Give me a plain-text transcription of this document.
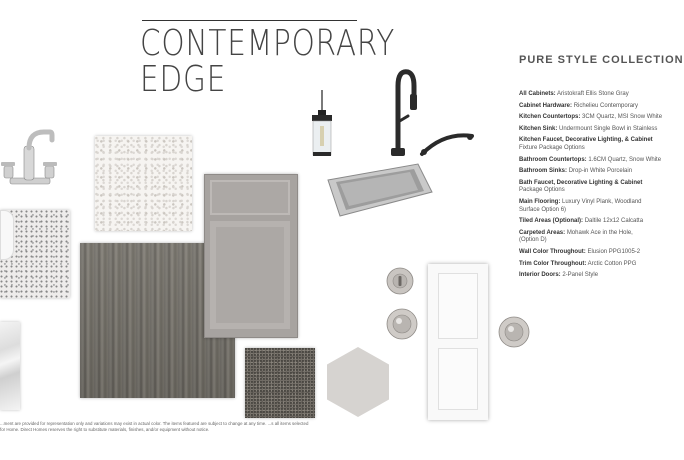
CONTEMPORARY
EDGE	PURE STYLE COLLECTION
All Cabinets: Aristokraft Ellis Stone Gray
Cabinet Hardware: Richelieu Contemporary
Kitchen Countertops: 3CM Quartz, MSI Snow White
Kitchen Sink: Undermount Single Bowl in Stainless
Kitchen Faucet, Decorative Lighting, & Cabinet
Fixture Package Options
Bathroom Countertops: 1.6CM Quartz, Snow White
Bathroom Sinks: Drop-in White Porcelain
Bath Faucet, Decorative Lighting & Cabinet
Package Options
Main Flooring: Luxury Vinyl Plank, Woodland Surface Option 6)
Tiled Areas (Optional): Daltile 12x12 Calcatta
Carpeted Areas: Mohawk Ace in the Hole, (Option D)
Wall Color Throughout: Elusion PPG1005-2
Trim Color Throughout: Arctic Cotton PPG
Interior Doors: 2-Panel Style
...ment are provided for representation only and variations may exist in actual color. The items featured are subject to change at any time. ...s all items selected for Home. Direct Homes reserves the right to substitute materials, finishes, and/or equipment without notice.
